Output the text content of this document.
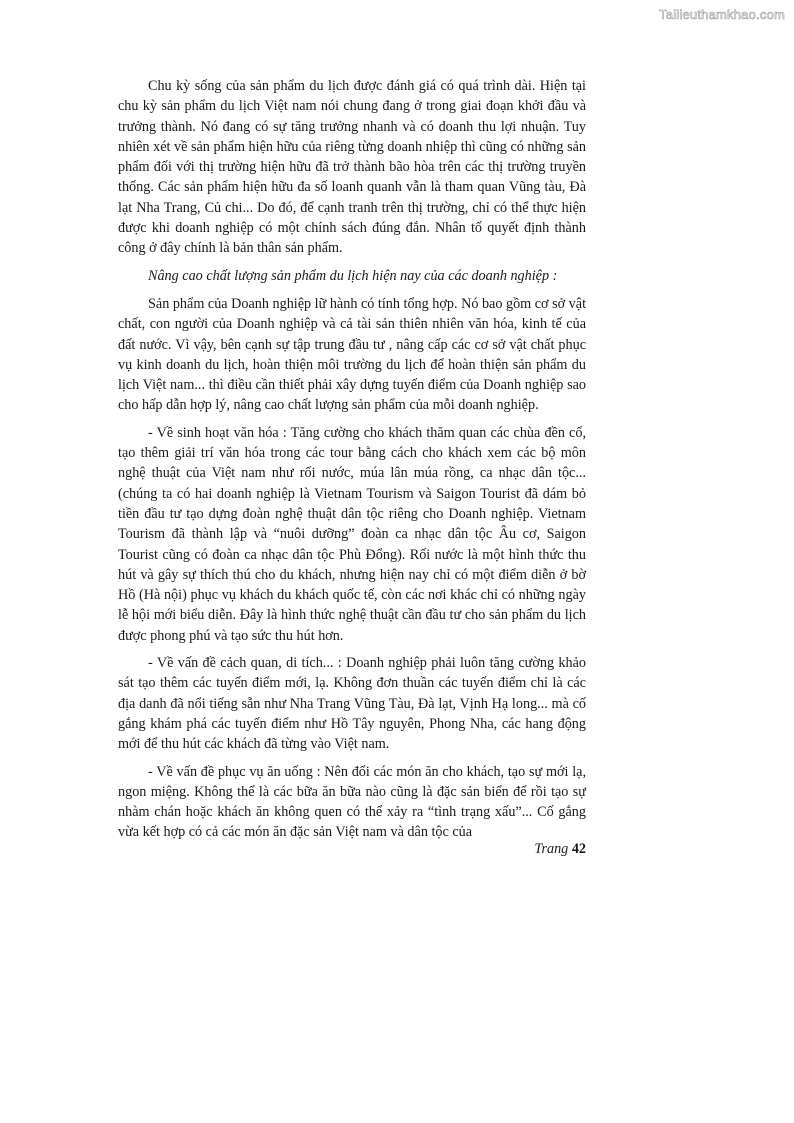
Tailieuthamkhao.com

Chu kỳ sống của sản phẩm du lịch được đánh giá có quá trình dài. Hiện tại chu kỳ sản phẩm du lịch Việt nam nói chung đang ở trong giai đoạn khởi đầu và trưởng thành. Nó đang có sự tăng trưởng nhanh và có doanh thu lợi nhuận. Tuy nhiên xét về sản phẩm hiện hữu của riêng từng doanh nhiệp thì cũng có những sản phẩm đối với thị trường hiện hữu đã trở thành bão hòa trên các thị trường truyền thống. Các sản phẩm hiện hữu đa số loanh quanh vẫn là tham quan Vũng tàu, Đà lạt Nha Trang, Củ chi... Do đó, để cạnh tranh trên thị trường, chỉ có thể thực hiện được khi doanh nghiệp có một chính sách đúng đắn. Nhân tố quyết định thành công ở đây chính là bản thân sản phẩm.

Nâng cao chất lượng sản phẩm du lịch hiện nay của các doanh nghiệp :

Sản phẩm của Doanh nghiệp lữ hành có tính tổng hợp. Nó bao gồm cơ sở vật chất, con người của Doanh nghiệp và cả tài sản thiên nhiên văn hóa, kinh tế của đất nước. Vì vậy, bên cạnh sự tập trung đầu tư , nâng cấp các cơ sở vật chất phục vụ kinh doanh du lịch, hoàn thiện môi trường du lịch để hoàn thiện sản phẩm du lịch Việt nam... thì điều cần thiết phải xây dựng tuyến điểm của Doanh nghiệp sao cho hấp dẫn hợp lý, nâng cao chất lượng sản phẩm của mỗi doanh nghiệp.

- Về sinh hoạt văn hóa : Tăng cường cho khách thăm quan các chùa đền cổ, tạo thêm giải trí văn hóa trong các tour bằng cách cho khách xem các bộ môn nghệ thuật của Việt nam như rối nước, múa lân múa rồng, ca nhạc dân tộc... (chúng ta có hai doanh nghiệp là Vietnam Tourism và Saigon Tourist đã dám bỏ tiền đầu tư tạo dựng đoàn nghệ thuật dân tộc riêng cho Doanh nghiệp. Vietnam Tourism đã thành lập và “nuôi dưỡng” đoàn ca nhạc dân tộc Âu cơ, Saigon Tourist cũng có đoàn ca nhạc dân tộc Phù Đổng). Rối nước là một hình thức thu hút và gây sự thích thú cho du khách, nhưng hiện nay chỉ có một điểm diễn ở bờ Hồ (Hà nội) phục vụ khách du khách quốc tế, còn các nơi khác chỉ có những ngày lễ hội mới biểu diễn. Đây là hình thức nghệ thuật cần đầu tư cho sản phẩm du lịch được phong phú và tạo sức thu hút hơn.

- Về vấn đề cảch quan, di tích... : Doanh nghiệp phải luôn tăng cường khảo sát tạo thêm các tuyến điểm mới, lạ. Không đơn thuần các tuyến điểm chỉ là các địa danh đã nổi tiếng sẵn như Nha Trang Vũng Tàu, Đà lạt, Vịnh Hạ long... mà cố gắng khám phá các tuyến điểm như Hồ Tây nguyên, Phong Nha, các hang động mới để thu hút các khách đã từng vào Việt nam.

- Về vấn đề phục vụ ăn uống : Nên đổi các món ăn cho khách, tạo sự mới lạ, ngon miệng. Không thể là các bữa ăn bữa nào cũng là đặc sản biển để rồi tạo sự nhàm chán hoặc khách ăn không quen có thể xảy ra “tình trạng xấu”... Cố gắng vừa kết hợp có cả các món ăn đặc sản Việt nam và dân tộc của

Trang 42
